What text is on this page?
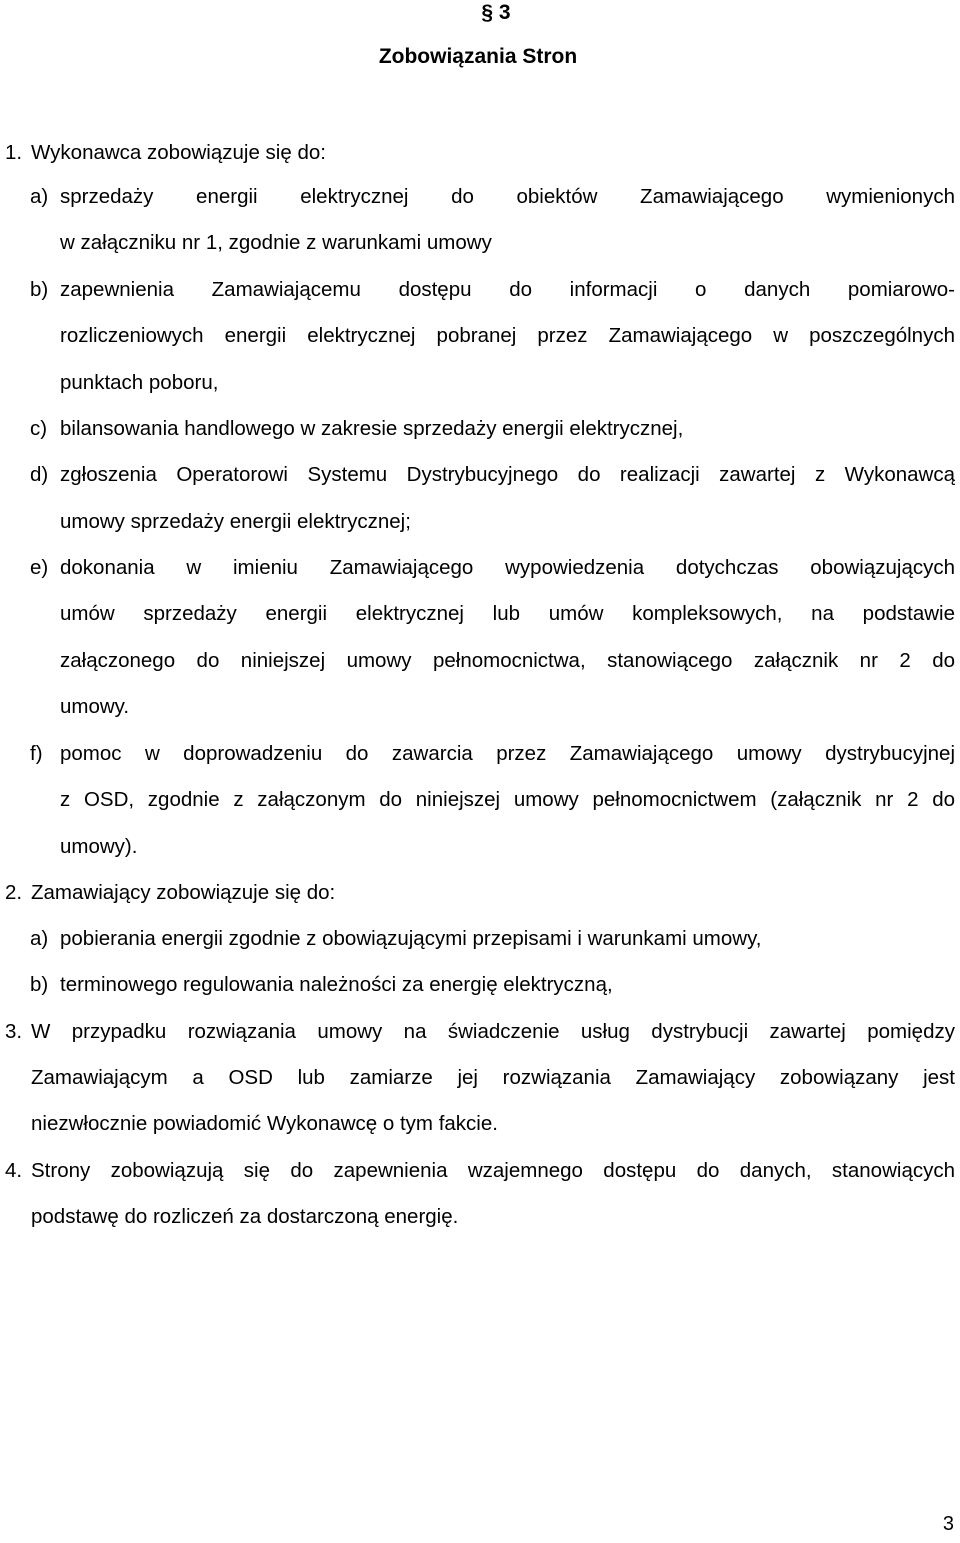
§ 3
Zobowiązania Stron
1. Wykonawca zobowiązuje się do:
a) sprzedaży energii elektrycznej do obiektów Zamawiającego wymienionych
w załączniku nr 1, zgodnie z warunkami umowy
b) zapewnienia Zamawiającemu dostępu do informacji o danych pomiarowo-
rozliczeniowych energii elektrycznej pobranej przez Zamawiającego w poszczególnych
punktach poboru,
c) bilansowania handlowego w zakresie sprzedaży energii elektrycznej,
d) zgłoszenia Operatorowi Systemu Dystrybucyjnego do realizacji zawartej z Wykonawcą
umowy sprzedaży energii elektrycznej;
e) dokonania w imieniu Zamawiającego wypowiedzenia dotychczas obowiązujących
umów sprzedaży energii elektrycznej lub umów kompleksowych, na podstawie
załączonego do niniejszej umowy pełnomocnictwa, stanowiącego załącznik nr 2 do
umowy.
f) pomoc w doprowadzeniu do zawarcia przez Zamawiającego umowy dystrybucyjnej
z OSD, zgodnie z załączonym do niniejszej umowy pełnomocnictwem (załącznik nr 2 do
umowy).
2. Zamawiający zobowiązuje się do:
a) pobierania energii zgodnie z obowiązującymi przepisami i warunkami umowy,
b) terminowego regulowania należności za energię elektryczną,
3. W przypadku rozwiązania umowy na świadczenie usług dystrybucji zawartej pomiędzy
Zamawiającym a OSD lub zamiarze jej rozwiązania Zamawiający zobowiązany jest
niezwłocznie powiadomić Wykonawcę o tym fakcie.
4. Strony zobowiązują się do zapewnienia wzajemnego dostępu do danych, stanowiących
podstawę do rozliczeń za dostarczoną energię.
3
